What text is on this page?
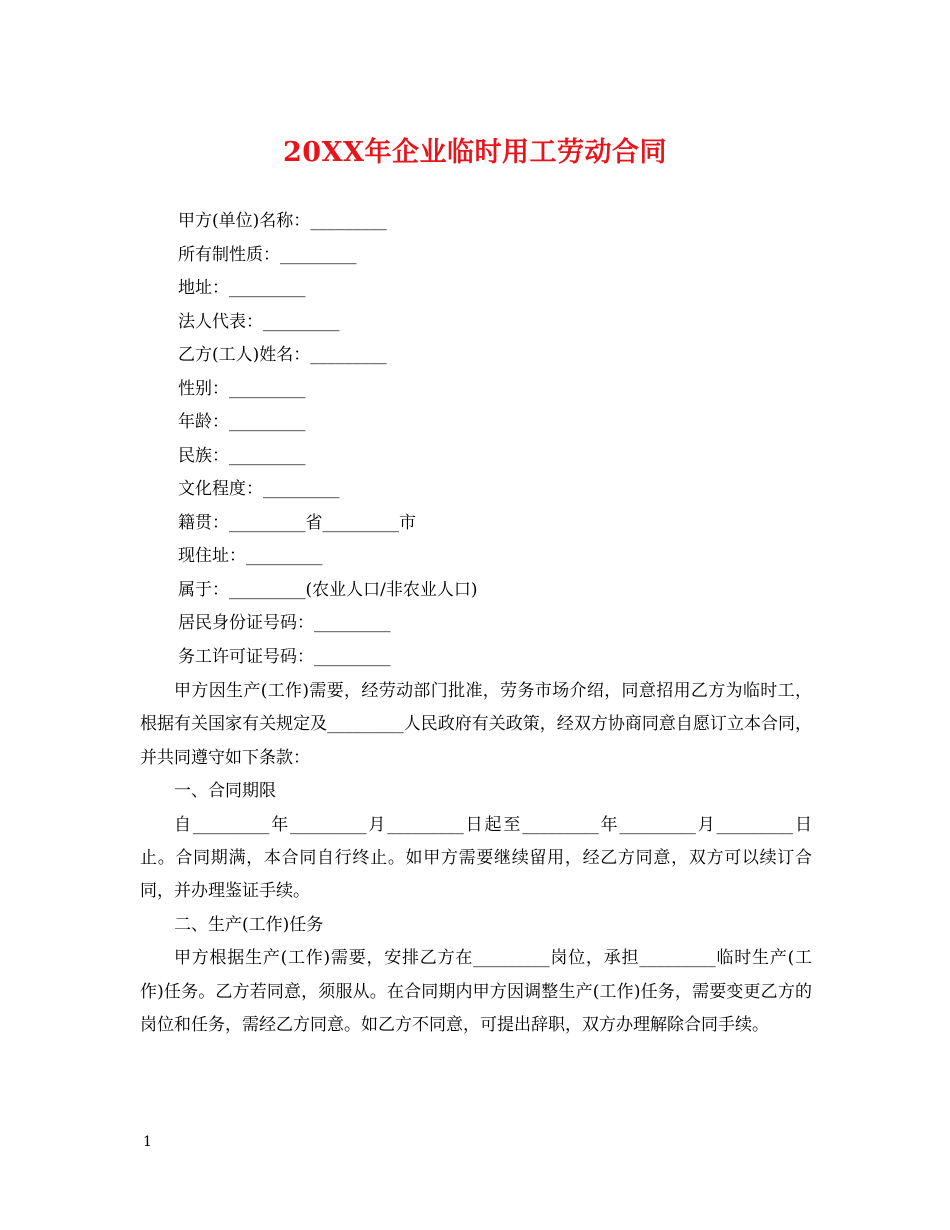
20XX年企业临时用工劳动合同
甲方(单位)名称：_________
所有制性质：_________
地址：_________
法人代表：_________
乙方(工人)姓名：_________
性别：_________
年龄：_________
民族：_________
文化程度：_________
籍贯：_________省_________市
现住址：_________
属于：_________(农业人口/非农业人口)
居民身份证号码：_________
务工许可证号码：_________

甲方因生产(工作)需要，经劳动部门批准，劳务市场介绍，同意招用乙方为临时工，根据有关国家有关规定及_________人民政府有关政策，经双方协商同意自愿订立本合同，并共同遵守如下条款：

一、合同期限

自_________年_________月_________日起至_________年_________月_________日止。合同期满，本合同自行终止。如甲方需要继续留用，经乙方同意，双方可以续订合同，并办理鉴证手续。

二、生产(工作)任务

甲方根据生产(工作)需要，安排乙方在_________岗位，承担_________临时生产(工作)任务。乙方若同意，须服从。在合同期内甲方因调整生产(工作)任务，需要变更乙方的岗位和任务，需经乙方同意。如乙方不同意，可提出辞职，双方办理解除合同手续。

1
